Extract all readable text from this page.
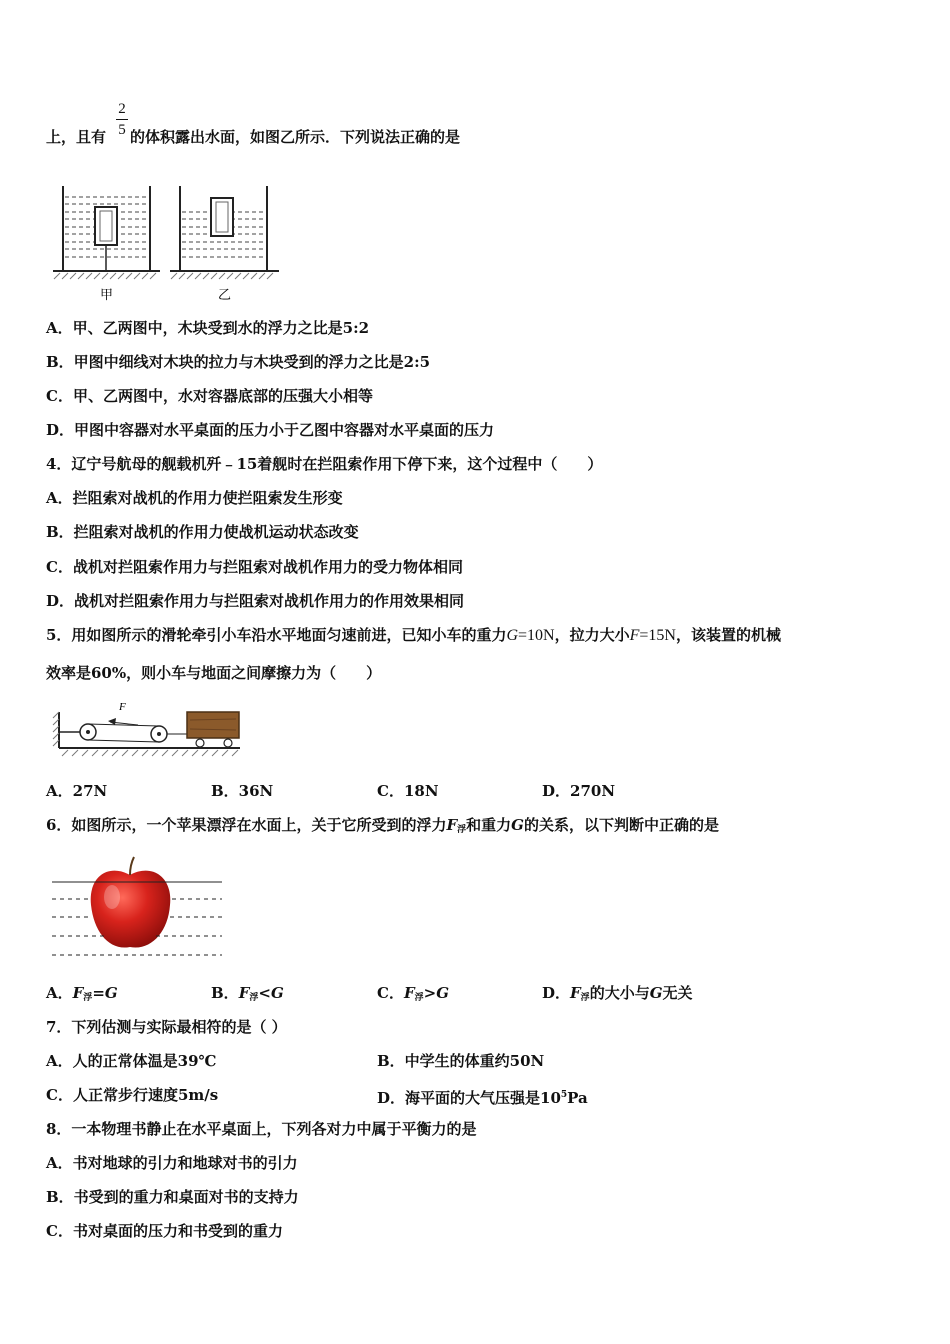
2
5
上，且有 的体积露出水面，如图乙所示．下列说法正确的是
甲	乙
A．甲、乙两图中，木块受到水的浮力之比是5:2
B．甲图中细线对木块的拉力与木块受到的浮力之比是2:5
C．甲、乙两图中，水对容器底部的压强大小相等
D．甲图中容器对水平桌面的压力小于乙图中容器对水平桌面的压力
4．辽宁号航母的舰载机歼﹣15着舰时在拦阻索作用下停下来，这个过程中（　　）
A．拦阻索对战机的作用力使拦阻索发生形变
B．拦阻索对战机的作用力使战机运动状态改变
C．战机对拦阻索作用力与拦阻索对战机作用力的受力物体相同
D．战机对拦阻索作用力与拦阻索对战机作用力的作用效果相同
5．用如图所示的滑轮牵引小车沿水平地面匀速前进，已知小车的重力G=10N，拉力大小F=15N，该装置的机械
效率是60%，则小车与地面之间摩擦力为（　　）
F
A．27N	B．36N	C．18N	D．270N
6．如图所示，一个苹果漂浮在水面上，关于它所受到的浮力$F_浮$和重力G的关系，以下判断中正确的是
A．$F_浮=G$	B．$F_浮<G$	C．$F_浮>G$	D．$F_浮$的大小与G无关
7．下列估测与实际最相符的是（ ）
A．人的正常体温是39℃	B．中学生的体重约50N
C．人正常步行速度5m/s	D．海平面的大气压强是$10^5Pa$
8．一本物理书静止在水平桌面上，下列各对力中属于平衡力的是
A．书对地球的引力和地球对书的引力
B．书受到的重力和桌面对书的支持力
C．书对桌面的压力和书受到的重力
